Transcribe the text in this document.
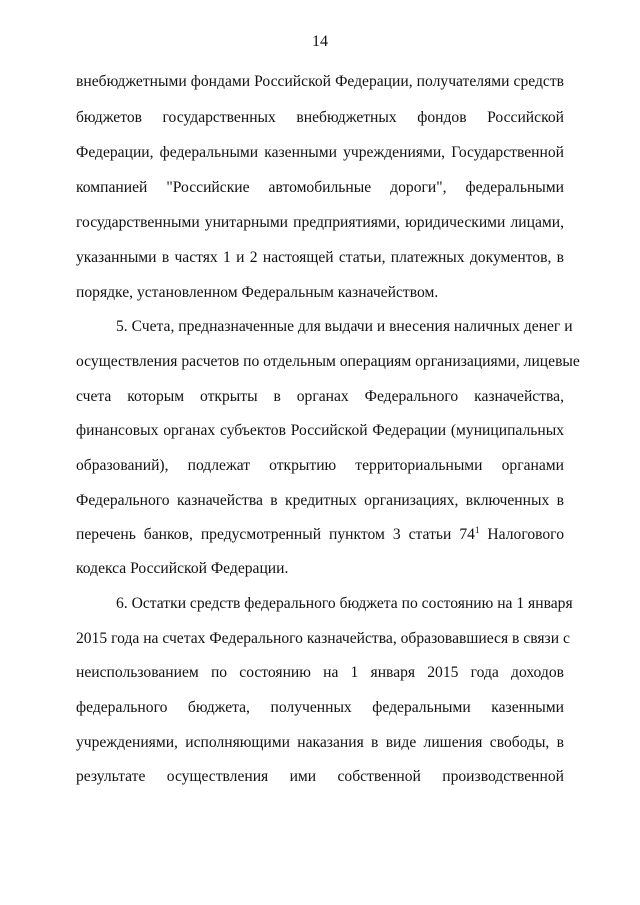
14
внебюджетными фондами Российской Федерации, получателями средств
бюджетов государственных внебюджетных фондов Российской
Федерации, федеральными казенными учреждениями, Государственной
компанией "Российские автомобильные дороги", федеральными
государственными унитарными предприятиями, юридическими лицами,
указанными в частях 1 и 2 настоящей статьи, платежных документов, в
порядке, установленном Федеральным казначейством.
5. Счета, предназначенные для выдачи и внесения наличных денег и
осуществления расчетов по отдельным операциям организациями, лицевые
счета которым открыты в органах Федерального казначейства,
финансовых органах субъектов Российской Федерации (муниципальных
образований), подлежат открытию территориальными органами
Федерального казначейства в кредитных организациях, включенных в
перечень банков, предусмотренный пунктом 3 статьи $74^1$ Налогового
кодекса Российской Федерации.
6. Остатки средств федерального бюджета по состоянию на 1 января
2015 года на счетах Федерального казначейства, образовавшиеся в связи с
неиспользованием по состоянию на 1 января 2015 года доходов
федерального бюджета, полученных федеральными казенными
учреждениями, исполняющими наказания в виде лишения свободы, в
результате осуществления ими собственной производственной
